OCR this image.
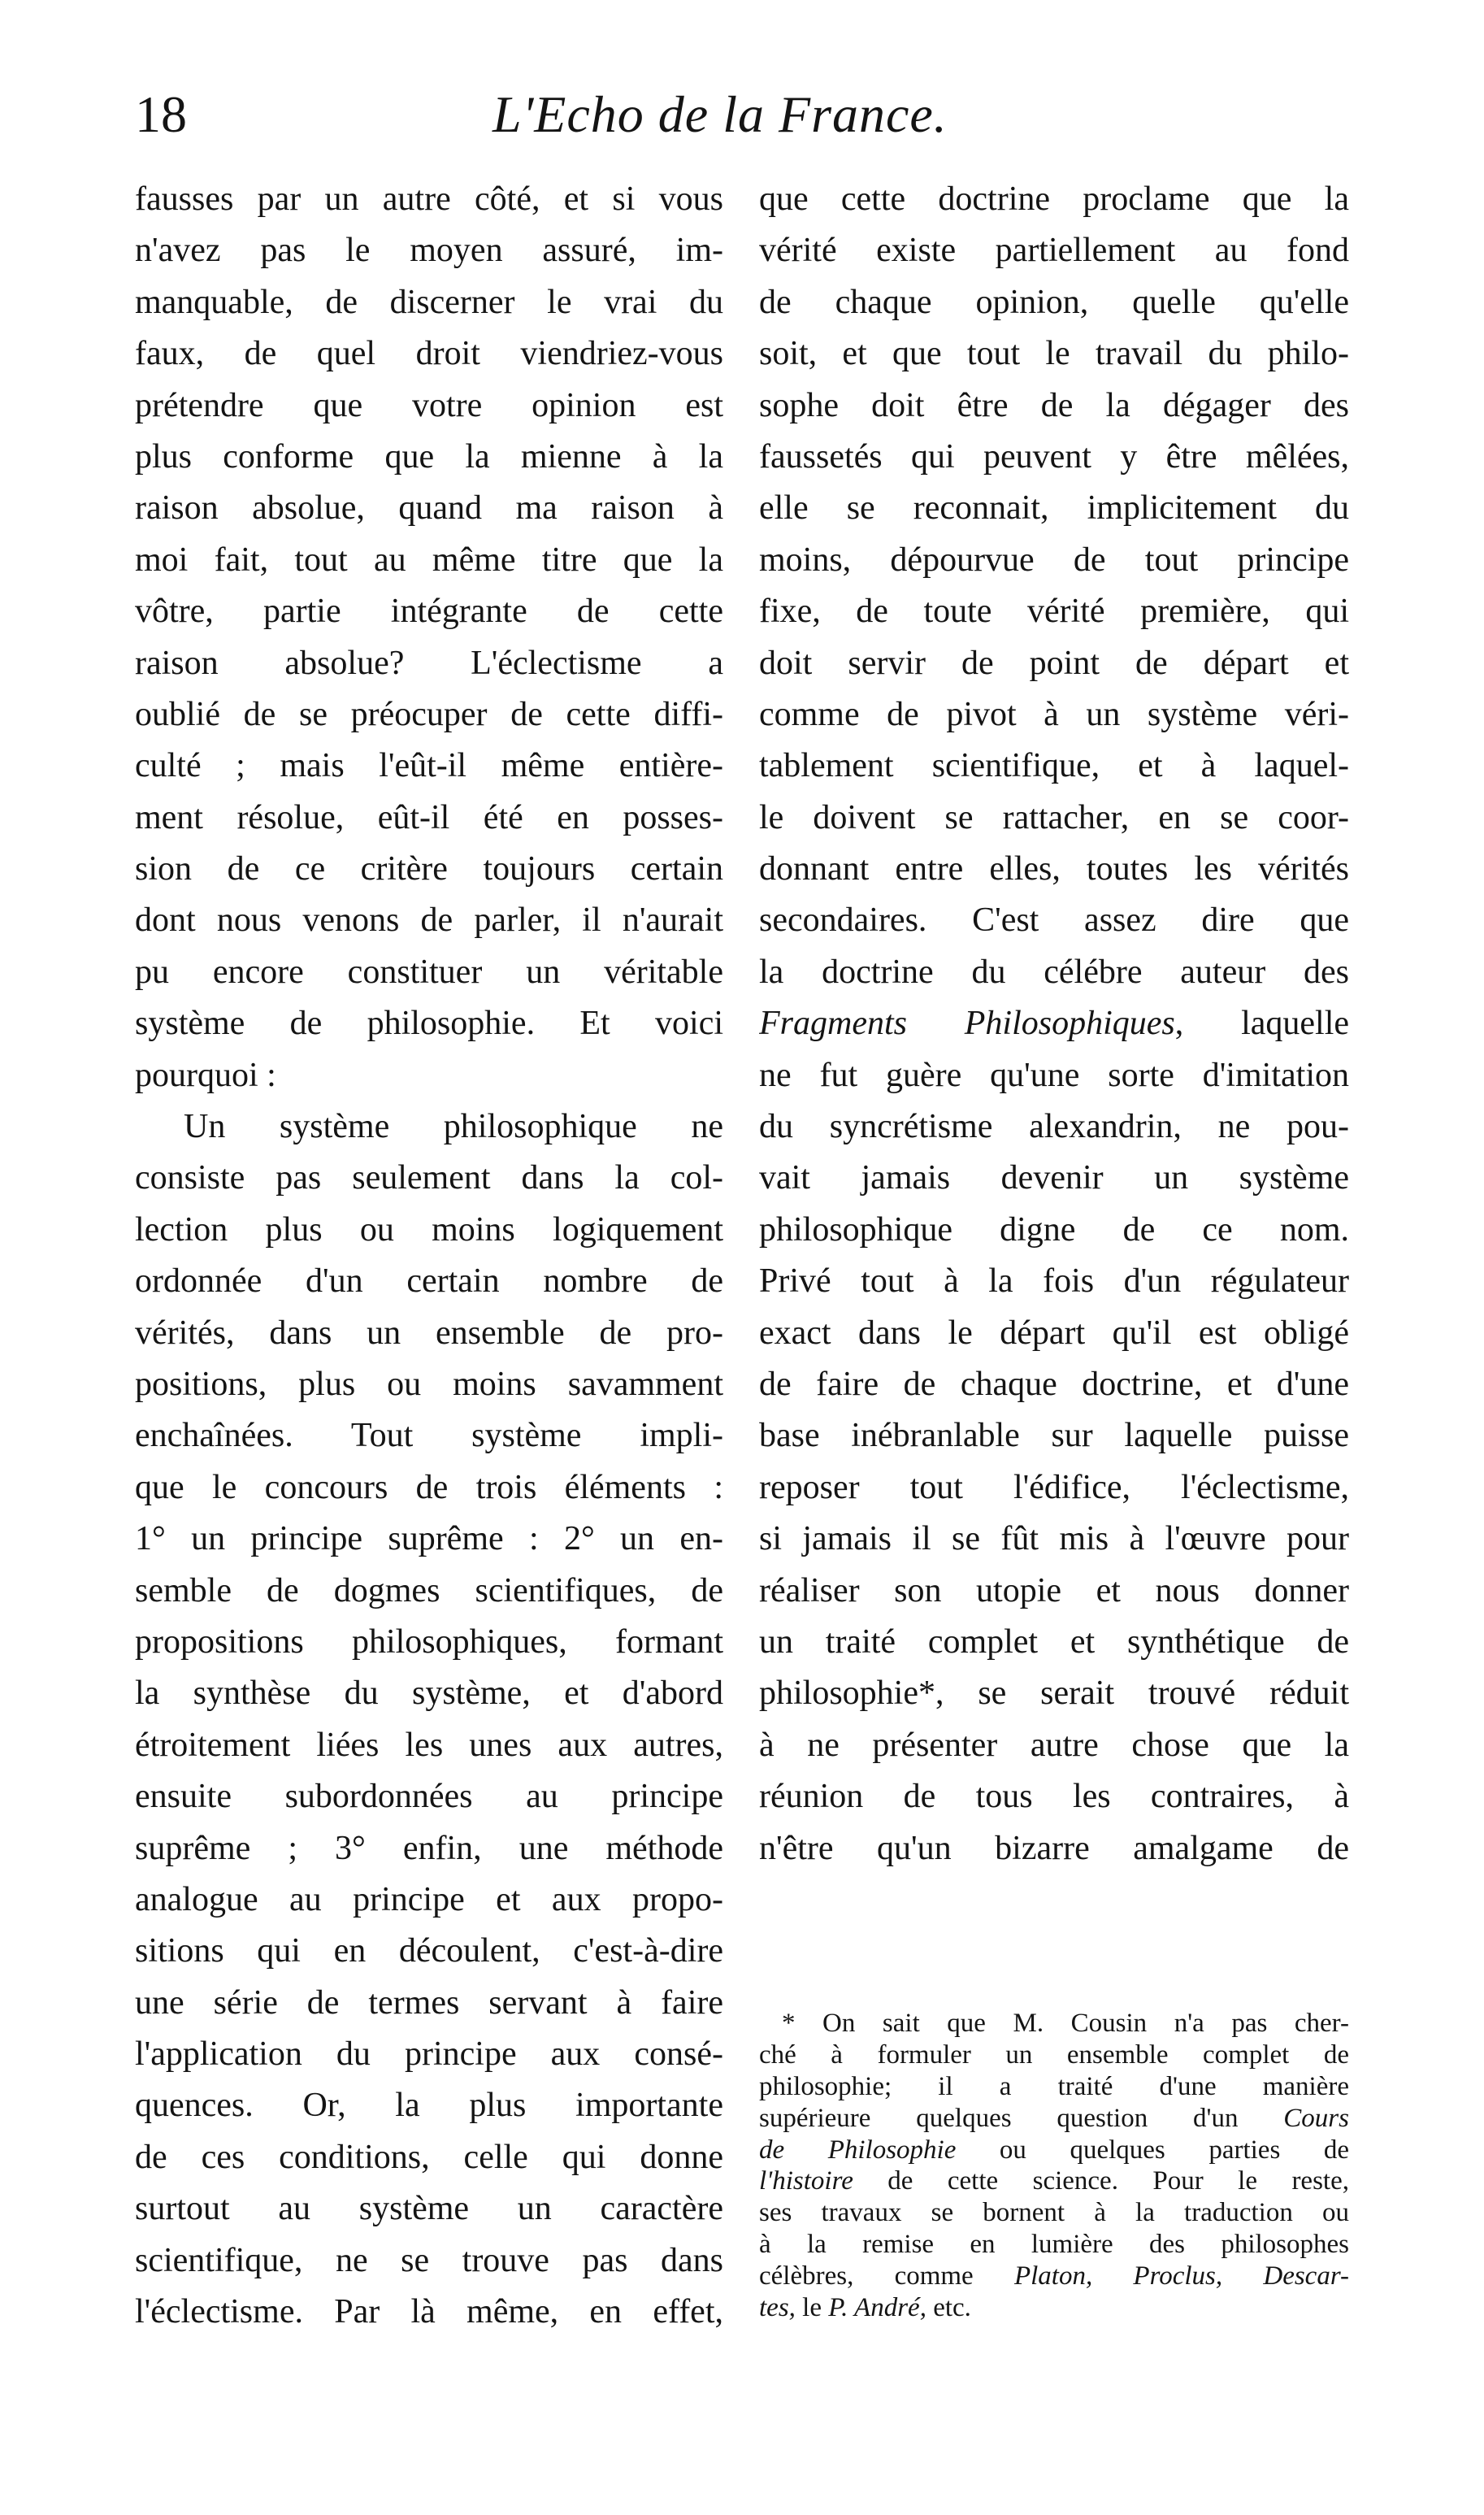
18	L'Echo de la France.
fausses par un autre côté, et si vous
n'avez pas le moyen assuré, im-
manquable, de discerner le vrai du
faux, de quel droit viendriez-vous
prétendre que votre opinion est
plus conforme que la mienne à la
raison absolue, quand ma raison à
moi fait, tout au même titre que la
vôtre, partie intégrante de cette
raison absolue? L'éclectisme a
oublié de se préocuper de cette diffi-
culté ; mais l'eût-il même entière-
ment résolue, eût-il été en posses-
sion de ce critère toujours certain
dont nous venons de parler, il n'aurait
pu encore constituer un véritable
système de philosophie. Et voici
pourquoi :
Un système philosophique ne
consiste pas seulement dans la col-
lection plus ou moins logiquement
ordonnée d'un certain nombre de
vérités, dans un ensemble de pro-
positions, plus ou moins savamment
enchaînées. Tout système impli-
que le concours de trois éléments :
1° un principe suprême : 2° un en-
semble de dogmes scientifiques, de
propositions philosophiques, formant
la synthèse du système, et d'abord
étroitement liées les unes aux autres,
ensuite subordonnées au principe
suprême ; 3° enfin, une méthode
analogue au principe et aux propo-
sitions qui en découlent, c'est-à-dire
une série de termes servant à faire
l'application du principe aux consé-
quences. Or, la plus importante
de ces conditions, celle qui donne
surtout au système un caractère
scientifique, ne se trouve pas dans
l'éclectisme. Par là même, en effet,
que cette doctrine proclame que la
vérité existe partiellement au fond
de chaque opinion, quelle qu'elle
soit, et que tout le travail du philo-
sophe doit être de la dégager des
faussetés qui peuvent y être mêlées,
elle se reconnait, implicitement du
moins, dépourvue de tout principe
fixe, de toute vérité première, qui
doit servir de point de départ et
comme de pivot à un système véri-
tablement scientifique, et à laquel-
le doivent se rattacher, en se coor-
donnant entre elles, toutes les vérités
secondaires. C'est assez dire que
la doctrine du célébre auteur des
Fragments Philosophiques, laquelle
ne fut guère qu'une sorte d'imitation
du syncrétisme alexandrin, ne pou-
vait jamais devenir un système
philosophique digne de ce nom.
Privé tout à la fois d'un régulateur
exact dans le départ qu'il est obligé
de faire de chaque doctrine, et d'une
base inébranlable sur laquelle puisse
reposer tout l'édifice, l'éclectisme,
si jamais il se fût mis à l'œuvre pour
réaliser son utopie et nous donner
un traité complet et synthétique de
philosophie*, se serait trouvé réduit
à ne présenter autre chose que la
réunion de tous les contraires, à
n'être qu'un bizarre amalgame de
* On sait que M. Cousin n'a pas cher-
ché à formuler un ensemble complet de
philosophie; il a traité d'une manière
supérieure quelques question d'un Cours
de Philosophie ou quelques parties de
l'histoire de cette science. Pour le reste,
ses travaux se bornent à la traduction ou
à la remise en lumière des philosophes
célèbres, comme Platon, Proclus, Descar-
tes, le P. André, etc.
